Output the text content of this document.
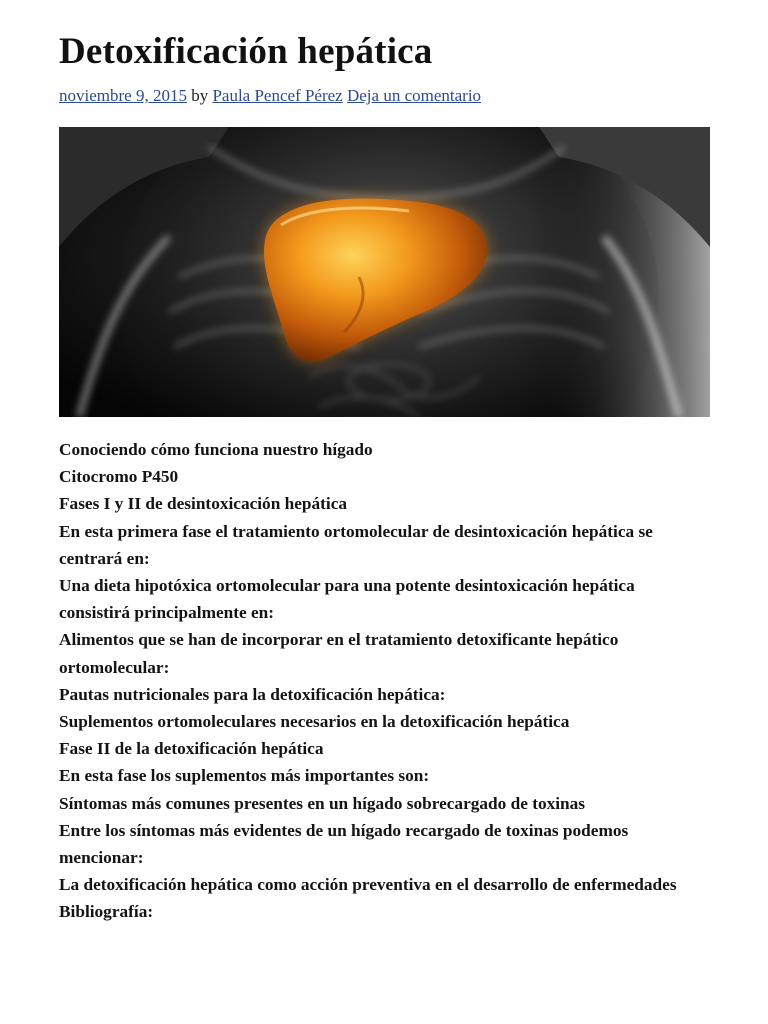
Detoxificación hepática
noviembre 9, 2015 by Paula Pencef Pérez Deja un comentario
Conociendo cómo funciona nuestro hígado
Citocromo P450
Fases I y II de desintoxicación hepática
En esta primera fase el tratamiento ortomolecular de desintoxicación hepática se centrará en:
Una dieta hipotóxica ortomolecular para una potente desintoxicación hepática consistirá principalmente en:
Alimentos que se han de incorporar en el tratamiento detoxificante hepático ortomolecular:
Pautas nutricionales para la detoxificación hepática:
Suplementos ortomoleculares necesarios en la detoxificación hepática
Fase II de la detoxificación hepática
En esta fase los suplementos más importantes son:
Síntomas más comunes presentes en un hígado sobrecargado de toxinas
Entre los síntomas más evidentes de un hígado recargado de toxinas podemos mencionar:
La detoxificación hepática como acción preventiva en el desarrollo de enfermedades
Bibliografía:
